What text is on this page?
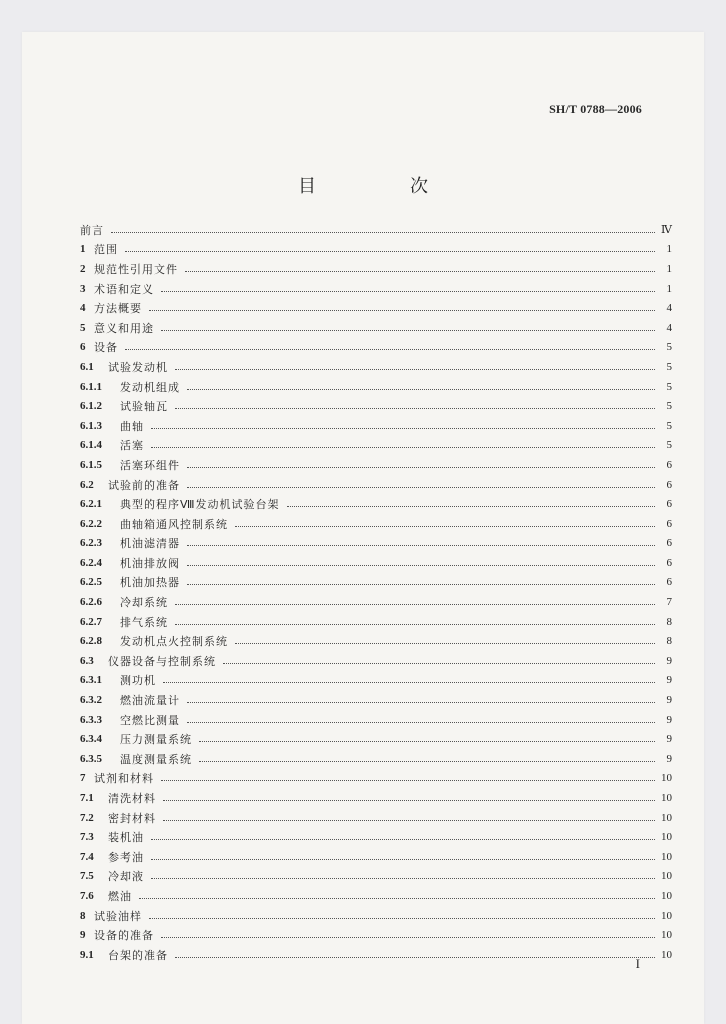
SH/T 0788—2006
目　次
前言	Ⅳ
1 范围	1
2 规范性引用文件	1
3 术语和定义	1
4 方法概要	4
5 意义和用途	4
6 设备	5
6.1	试验发动机	5
6.1.1	发动机组成	5
6.1.2	试验轴瓦	5
6.1.3	曲轴	5
6.1.4	活塞	5
6.1.5	活塞环组件	6
6.2	试验前的准备	6
6.2.1	典型的程序Ⅷ发动机试验台架	6
6.2.2	曲轴箱通风控制系统	6
6.2.3	机油滤清器	6
6.2.4	机油排放阀	6
6.2.5	机油加热器	6
6.2.6	冷却系统	7
6.2.7	排气系统	8
6.2.8	发动机点火控制系统	8
6.3	仪器设备与控制系统	9
6.3.1	测功机	9
6.3.2	燃油流量计	9
6.3.3	空燃比测量	9
6.3.4	压力测量系统	9
6.3.5	温度测量系统	9
7 试剂和材料	10
7.1	清洗材料	10
7.2	密封材料	10
7.3	装机油	10
7.4	参考油	10
7.5	冷却液	10
7.6	燃油	10
8 试验油样	10
9 设备的准备	10
9.1	台架的准备	10
I
